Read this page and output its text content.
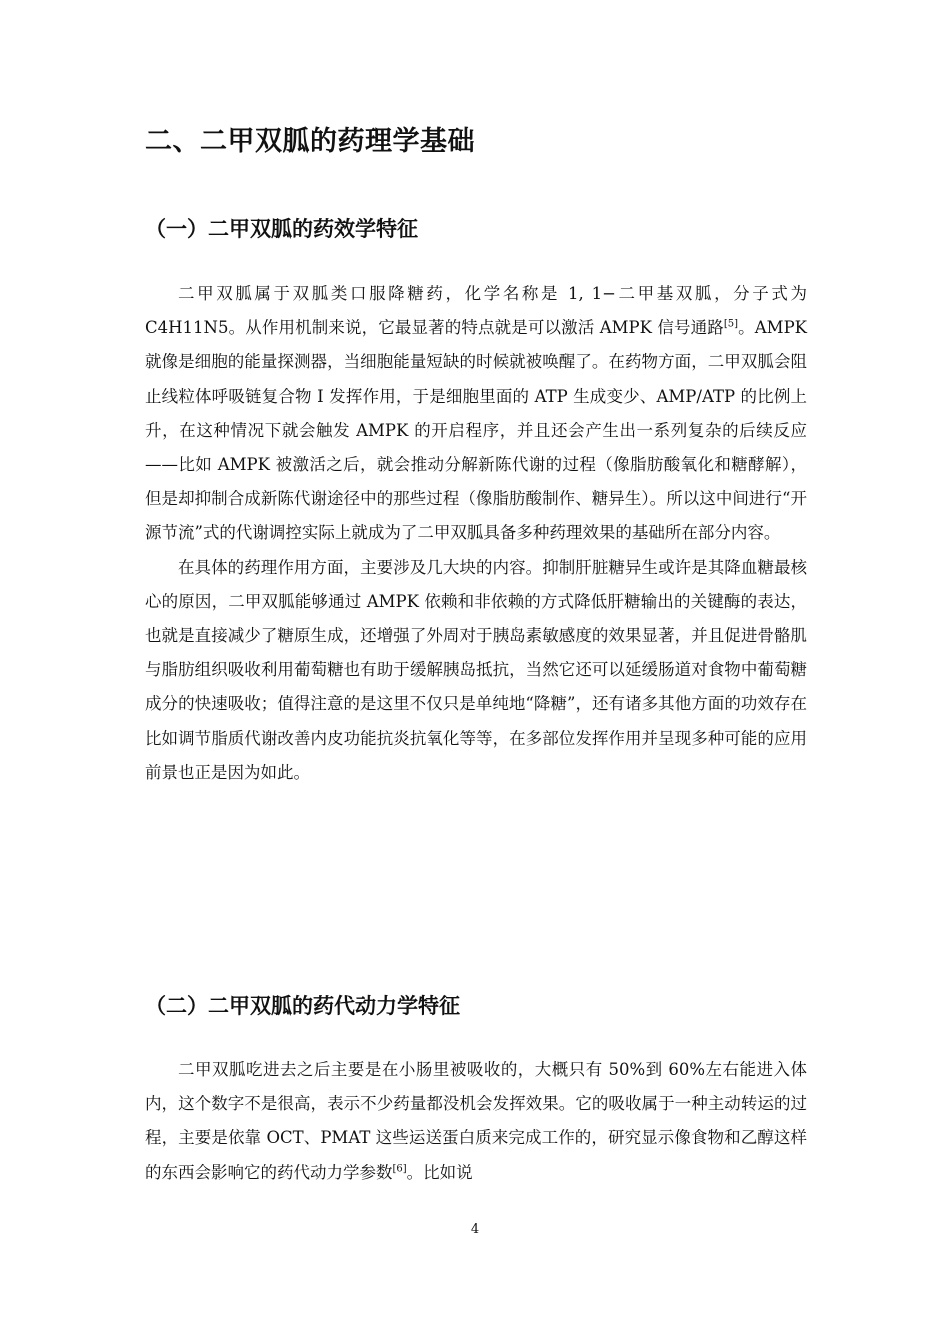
二、二甲双胍的药理学基础
（一）二甲双胍的药效学特征

二甲双胍属于双胍类口服降糖药，化学名称是 1, 1−二甲基双胍，分子式为 C4H11N5。从作用机制来说，它最显著的特点就是可以激活 AMPK 信号通路[5]。AMPK 就像是细胞的能量探测器，当细胞能量短缺的时候就被唤醒了。在药物方面，二甲双胍会阻止线粒体呼吸链复合物 Ⅰ 发挥作用，于是细胞里面的 ATP 生成变少、AMP/ATP 的比例上升，在这种情况下就会触发 AMPK 的开启程序，并且还会产生出一系列复杂的后续反应——比如 AMPK 被激活之后，就会推动分解新陈代谢的过程（像脂肪酸氧化和糖酵解），但是却抑制合成新陈代谢途径中的那些过程（像脂肪酸制作、糖异生）。所以这中间进行“开源节流”式的代谢调控实际上就成为了二甲双胍具备多种药理效果的基础所在部分内容。

在具体的药理作用方面，主要涉及几大块的内容。抑制肝脏糖异生或许是其降血糖最核心的原因，二甲双胍能够通过 AMPK 依赖和非依赖的方式降低肝糖输出的关键酶的表达，也就是直接减少了糖原生成，还增强了外周对于胰岛素敏感度的效果显著，并且促进骨骼肌与脂肪组织吸收利用葡萄糖也有助于缓解胰岛抵抗，当然它还可以延缓肠道对食物中葡萄糖成分的快速吸收；值得注意的是这里不仅只是单纯地“降糖”，还有诸多其他方面的功效存在比如调节脂质代谢改善内皮功能抗炎抗氧化等等，在多部位发挥作用并呈现多种可能的应用前景也正是因为如此。

（二）二甲双胍的药代动力学特征

二甲双胍吃进去之后主要是在小肠里被吸收的，大概只有 50%到 60%左右能进入体内，这个数字不是很高，表示不少药量都没机会发挥效果。它的吸收属于一种主动转运的过程，主要是依靠 OCT、PMAT 这些运送蛋白质来完成工作的，研究显示像食物和乙醇这样的东西会影响它的药代动力学参数[6]。比如说

4
